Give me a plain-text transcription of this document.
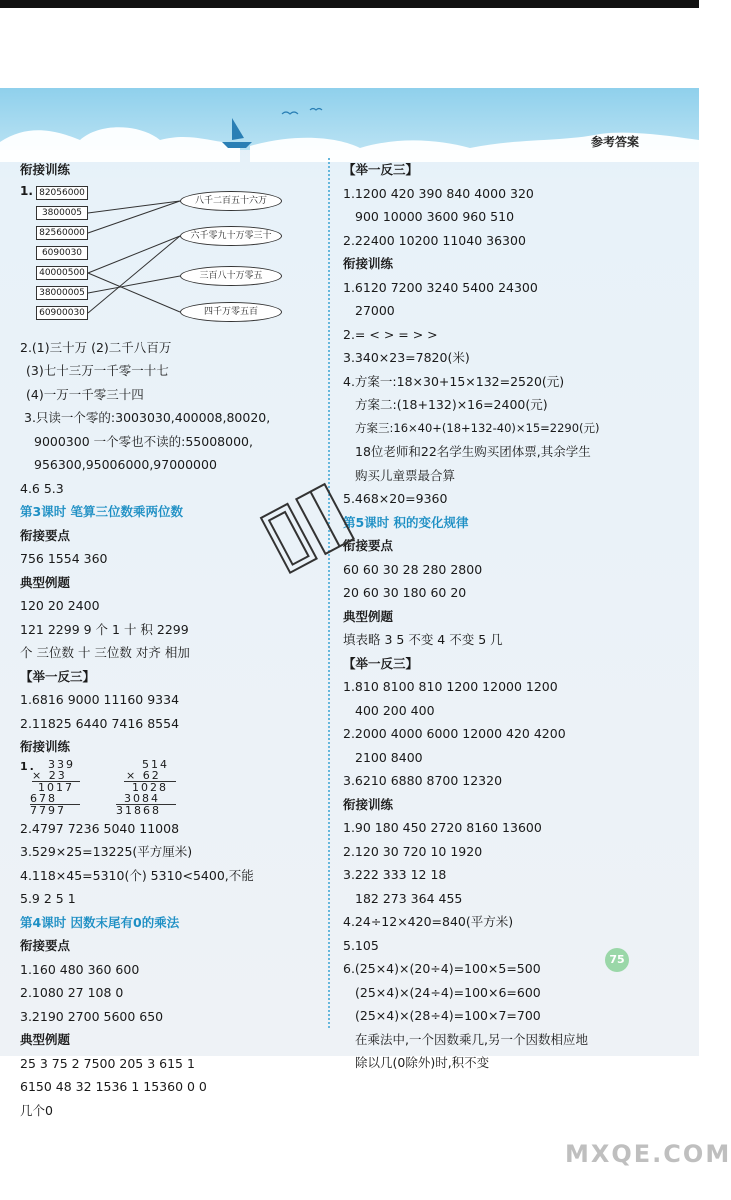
参考答案
衔接训练
1. 82056000
3800005
82560000
6090030
40000500
38000005
60900030
八千二百五十六万
六千零九十万零三十
三百八十万零五
四千万零五百
2.(1)三十万 (2)二千八百万
(3)七十三万一千零一十七
(4)一万一千零三十四
3.只读一个零的:3003030,400008,80020,
9000300 一个零也不读的:55008000,
956300,95006000,97000000
4.6 5.3
第3课时 笔算三位数乘两位数
衔接要点
756 1554 360
典型例题
120 20 2400
121 2299 9 个 1 十 积 2299
个 三位数 十 三位数 对齐 相加
【举一反三】
1.6816 9000 11160 9334
2.11825 6440 7416 8554
衔接训练
1. 339
× 23
1017
678
7797
514
× 62
1028
3084
31868
2.4797 7236 5040 11008
3.529×25=13225(平方厘米)
4.118×45=5310(个) 5310<5400,不能
5.9 2 5 1
第4课时 因数末尾有0的乘法
衔接要点
1.160 480 360 600
2.1080 27 108 0
3.2190 2700 5600 650
典型例题
25 3 75 2 7500 205 3 615 1
6150 48 32 1536 1 15360 0 0
几个0
【举一反三】
1.1200 420 390 840 4000 320
900 10000 3600 960 510
2.22400 10200 11040 36300
衔接训练
1.6120 7200 3240 5400 24300
27000
2.= < > = > >
3.340×23=7820(米)
4.方案一:18×30+15×132=2520(元)
方案二:(18+132)×16=2400(元)
方案三:16×40+(18+132-40)×15=2290(元)
18位老师和22名学生购买团体票,其余学生
购买儿童票最合算
5.468×20=9360
第5课时 积的变化规律
衔接要点
60 60 30 28 280 2800
20 60 30 180 60 20
典型例题
填表略 3 5 不变 4 不变 5 几
【举一反三】
1.810 8100 810 1200 12000 1200
400 200 400
2.2000 4000 6000 12000 420 4200
2100 8400
3.6210 6880 8700 12320
衔接训练
1.90 180 450 2720 8160 13600
2.120 30 720 10 1920
3.222 333 12 18
182 273 364 455
4.24÷12×420=840(平方米)
5.105
6.(25×4)×(20÷4)=100×5=500
(25×4)×(24÷4)=100×6=600
(25×4)×(28÷4)=100×7=700
在乘法中,一个因数乘几,另一个因数相应地
除以几(0除外)时,积不变
75
MXQE.COM
